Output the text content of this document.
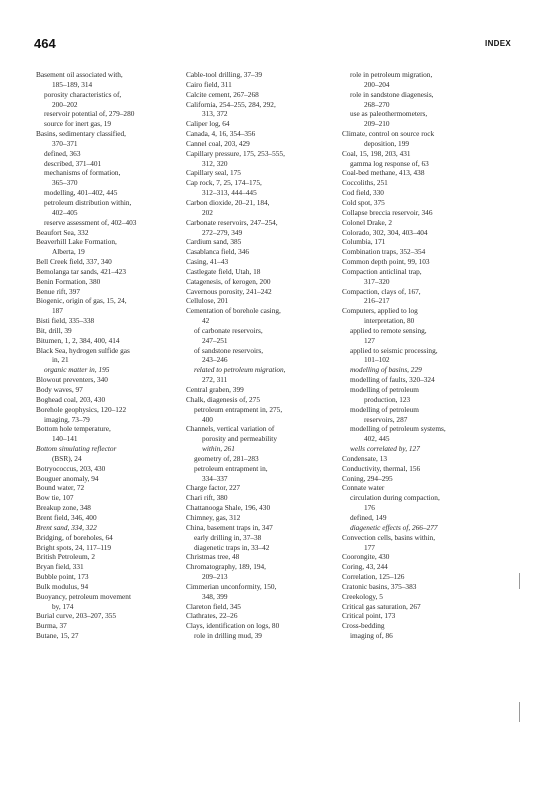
464	INDEX
Basement oil associated with,
185–189, 314
porosity characteristics of,
200–202
reservoir potential of, 279–280
source for inert gas, 19
Basins, sedimentary classified,
370–371
defined, 363
described, 371–401
mechanisms of formation,
365–370
modelling, 401–402, 445
petroleum distribution within,
402–405
reserve assessment of, 402–403
Beaufort Sea, 332
Beaverhill Lake Formation,
Alberta, 19
Bell Creek field, 337, 340
Bemolanga tar sands, 421–423
Benin Formation, 380
Benue rift, 397
Biogenic, origin of gas, 15, 24,
187
Bisti field, 335–338
Bit, drill, 39
Bitumen, 1, 2, 384, 400, 414
Black Sea, hydrogen sulfide gas
in, 21
organic matter in, 195
Blowout preventers, 340
Body waves, 97
Boghead coal, 203, 430
Borehole geophysics, 120–122
imaging, 73–79
Bottom hole temperature,
140–141
Bottom simulating reflector
(BSR), 24
Botryococcus, 203, 430
Bouguer anomaly, 94
Bound water, 72
Bow tie, 107
Breakup zone, 348
Brent field, 346, 400
Brent sand, 334, 322
Bridging, of boreholes, 64
Bright spots, 24, 117–119
British Petroleum, 2
Bryan field, 331
Bubble point, 173
Bulk modulus, 94
Buoyancy, petroleum movement
by, 174
Burial curve, 203–207, 355
Burma, 37
Butane, 15, 27
Cable-tool drilling, 37–39
Cairo field, 311
Calcite cement, 267–268
California, 254–255, 284, 292,
313, 372
Caliper log, 64
Canada, 4, 16, 354–356
Cannel coal, 203, 429
Capillary pressure, 175, 253–555,
312, 320
Capillary seal, 175
Cap rock, 7, 25, 174–175,
312–313, 444–445
Carbon dioxide, 20–21, 184,
202
Carbonate reservoirs, 247–254,
272–279, 349
Cardium sand, 385
Casablanca field, 346
Casing, 41–43
Castlegate field, Utah, 18
Catagenesis, of kerogen, 200
Cavernous porosity, 241–242
Cellulose, 201
Cementation of borehole casing,
42
of carbonate reservoirs,
247–251
of sandstone reservoirs,
243–246
related to petroleum migration,
272, 311
Central graben, 399
Chalk, diagenesis of, 275
petroleum entrapment in, 275,
400
Channels, vertical variation of
porosity and permeability
within, 261
geometry of, 281–283
petroleum entrapment in,
334–337
Charge factor, 227
Chari rift, 380
Chattanooga Shale, 196, 430
Chimney, gas, 312
China, basement traps in, 347
early drilling in, 37–38
diagenetic traps in, 33–42
Christmas tree, 48
Chromatography, 189, 194,
209–213
Cimmerian unconformity, 150,
348, 399
Clareton field, 345
Clathrates, 22–26
Clays, identification on logs, 80
role in drilling mud, 39
role in petroleum migration,
200–204
role in sandstone diagenesis,
268–270
use as paleothermometers,
209–210
Climate, control on source rock
deposition, 199
Coal, 15, 198, 203, 431
gamma log response of, 63
Coal-bed methane, 413, 438
Coccoliths, 251
Cod field, 330
Cold spot, 375
Collapse breccia reservoir, 346
Colonel Drake, 2
Colorado, 302, 304, 403–404
Columbia, 171
Combination traps, 352–354
Common depth point, 99, 103
Compaction anticlinal trap,
317–320
Compaction, clays of, 167,
216–217
Computers, applied to log
interpretation, 80
applied to remote sensing,
127
applied to seismic processing,
101–102
modelling of basins, 229
modelling of faults, 320–324
modelling of petroleum
production, 123
modelling of petroleum
reservoirs, 287
modelling of petroleum systems,
402, 445
wells correlated by, 127
Condensate, 13
Conductivity, thermal, 156
Coning, 294–295
Connate water
circulation during compaction,
176
defined, 149
diagenetic effects of, 266–277
Convection cells, basins within,
177
Coorongite, 430
Coring, 43, 244
Correlation, 125–126
Cratonic basins, 375–383
Creekology, 5
Critical gas saturation, 267
Critical point, 173
Cross-bedding
imaging of, 86
